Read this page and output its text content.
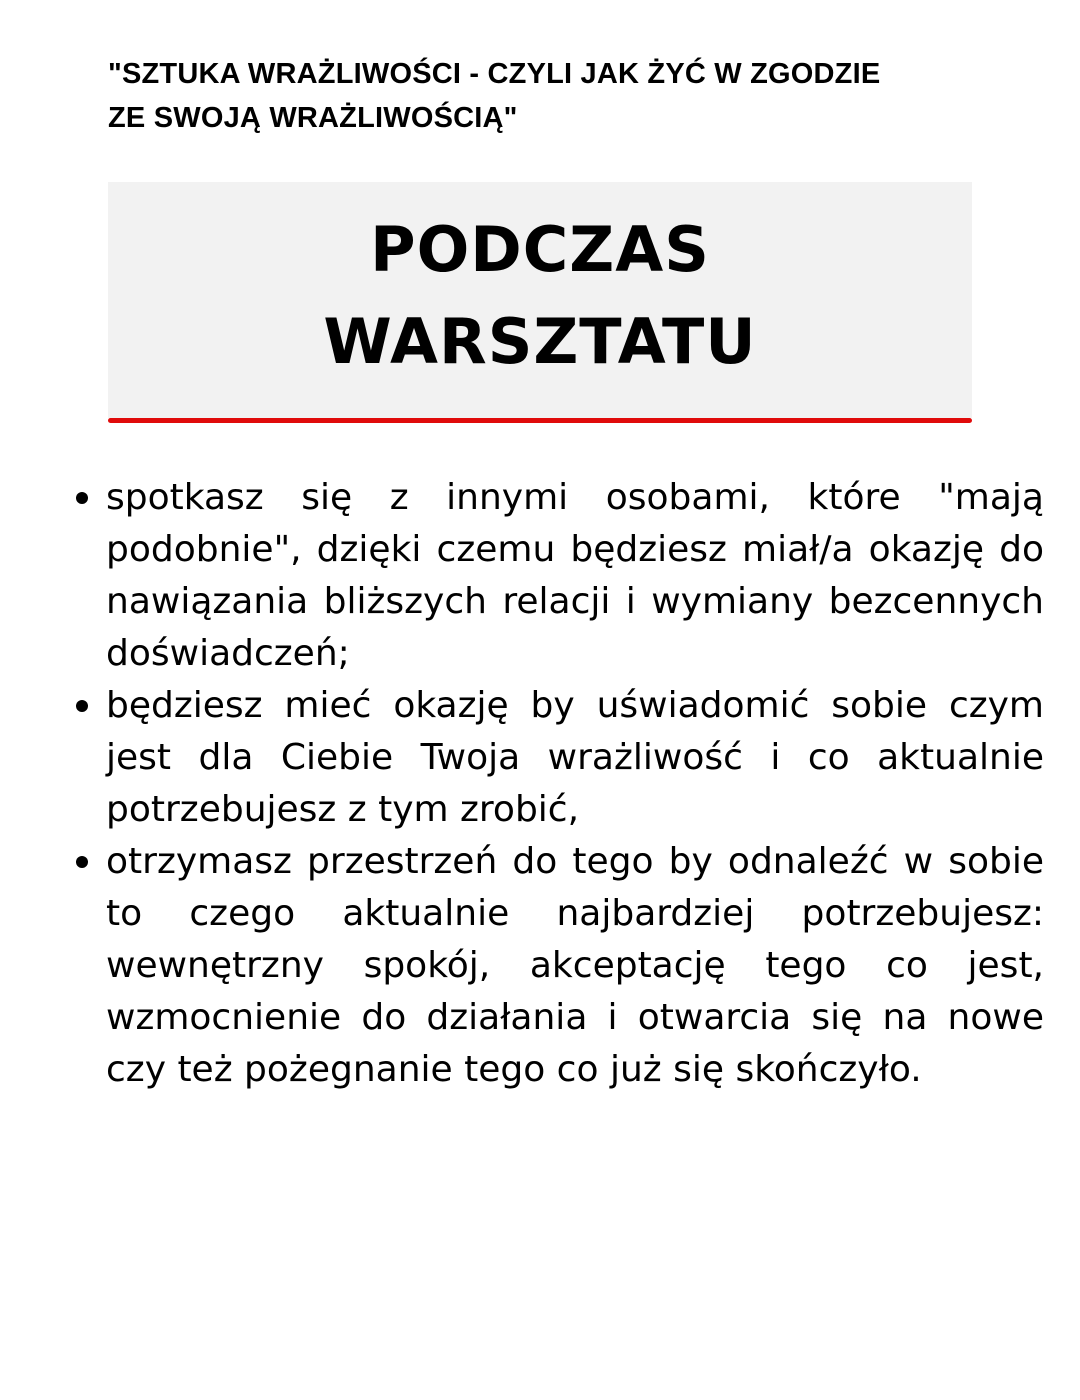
"SZTUKA WRAŻLIWOŚCI - CZYLI JAK ŻYĆ W ZGODZIE
ZE SWOJĄ WRAŻLIWOŚCIĄ"

PODCZAS
WARSZTATU
spotkasz się z innymi osobami, które "mają podobnie", dzięki czemu będziesz miał/a okazję do nawiązania bliższych relacji i wymiany bezcennych doświadczeń;
będziesz mieć okazję by uświadomić sobie czym jest dla Ciebie Twoja wrażliwość i co aktualnie potrzebujesz z tym zrobić,
otrzymasz przestrzeń do tego by odnaleźć w sobie to czego aktualnie najbardziej potrzebujesz: wewnętrzny spokój, akceptację tego co jest, wzmocnienie do działania i otwarcia się na nowe czy też pożegnanie tego co już się skończyło.
